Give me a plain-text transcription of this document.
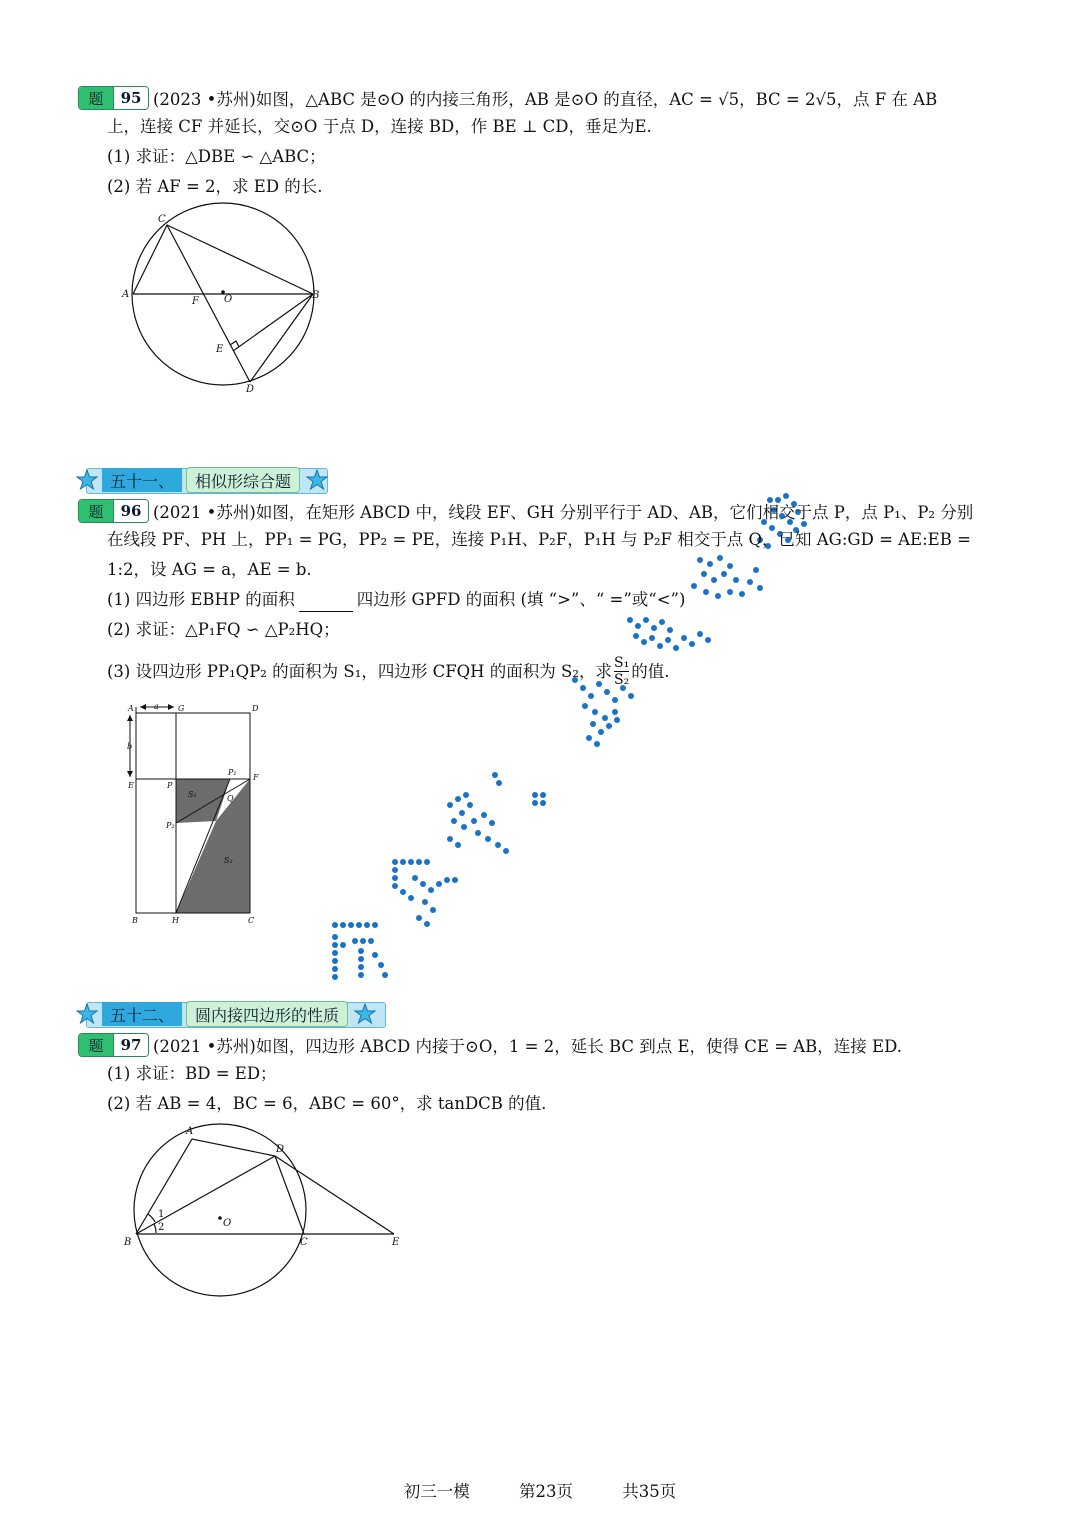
题	95 (2023 •苏州)如图，△ABC 是⊙O 的内接三角形，AB 是⊙O 的直径，AC = √5，BC = 2√5，点 F 在 AB
上，连接 CF 并延长，交⊙O 于点 D，连接 BD，作 BE ⊥ CD，垂足为E.
(1) 求证：△DBE ∽ △ABC；
(2) 若 AF = 2，求 ED 的长.
C
A
F	O	B
E
D
五十一、	相似形综合题
题	96 (2021 •苏州)如图，在矩形 ABCD 中，线段 EF、GH 分别平行于 AD、AB，它们相交于点 P，点 P₁、P₂ 分别
在线段 PF、PH 上，PP₁ = PG，PP₂ = PE，连接 P₁H、P₂F，P₁H 与 P₂F 相交于点 Q，已知 AG:GD = AE:EB =
1:2，设 AG = a，AE = b.
(1) 四边形 EBHP 的面积	四边形 GPFD 的面积 (填 “>”、“ =”或“<”)
(2) 求证：△P₁FQ ∽ △P₂HQ；
(3) 设四边形 PP₁QP₂ 的面积为 S₁，四边形 CFQH 的面积为 S₂，求 $\frac{\text{S₁}}{\text{S₂}}$ 的值.
A	a G	D
b
E	P
P₁
F
S₁	Q
P₂
S₂
B	H	C
五十二、	圆内接四边形的性质
题	97 (2021 •苏州)如图，四边形 ABCD 内接于⊙O，1 = 2，延长 BC 到点 E，使得 CE = AB，连接 ED.
(1) 求证：BD = ED；
(2) 若 AB = 4，BC = 6，ABC = 60°，求 tanDCB 的值.
A
D
1
2	O
B	C	E
初三一模	第23页	共35页
